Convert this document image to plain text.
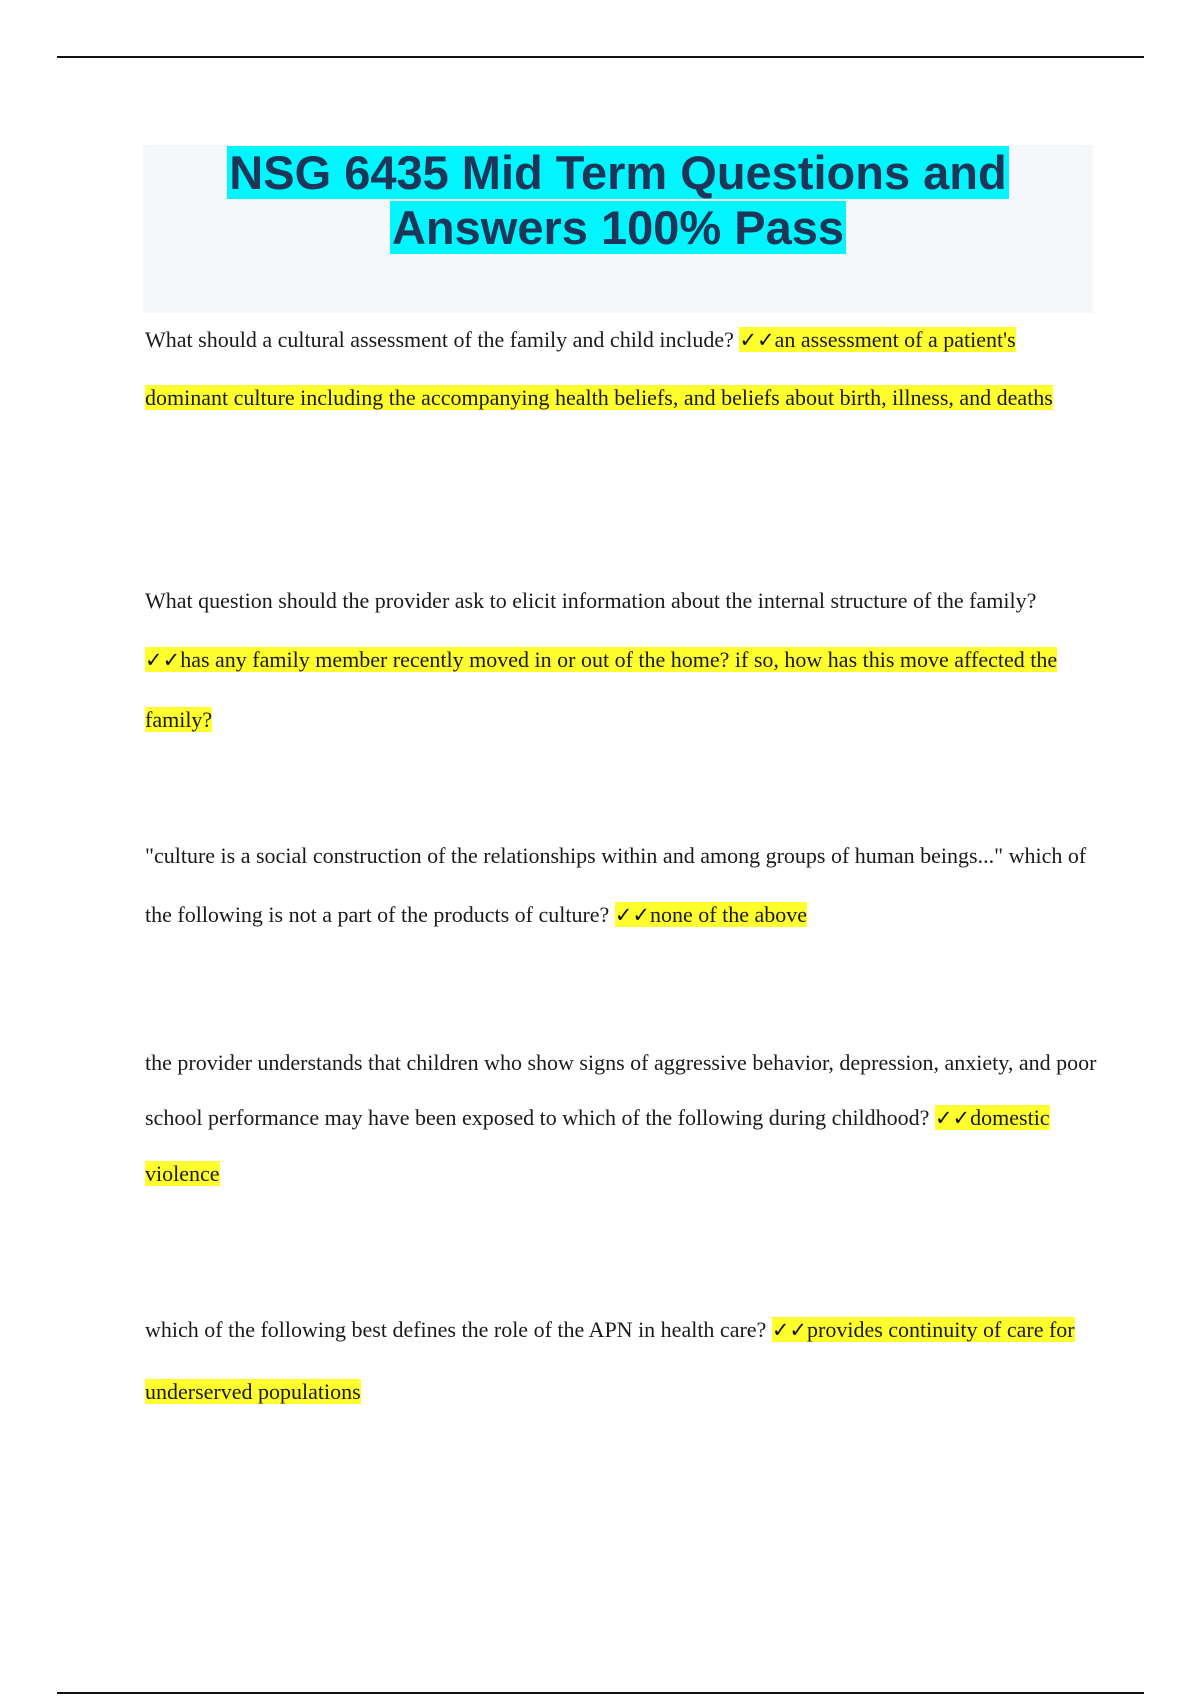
NSG 6435 Mid Term Questions and
Answers 100% Pass

What should a cultural assessment of the family and child include? ✓✓an assessment of a patient's dominant culture including the accompanying health beliefs, and beliefs about birth, illness, and deaths

What question should the provider ask to elicit information about the internal structure of the family? ✓✓has any family member recently moved in or out of the home? if so, how has this move affected the family?

"culture is a social construction of the relationships within and among groups of human beings..." which of the following is not a part of the products of culture? ✓✓none of the above

the provider understands that children who show signs of aggressive behavior, depression, anxiety, and poor school performance may have been exposed to which of the following during childhood? ✓✓domestic violence

which of the following best defines the role of the APN in health care? ✓✓provides continuity of care for underserved populations
